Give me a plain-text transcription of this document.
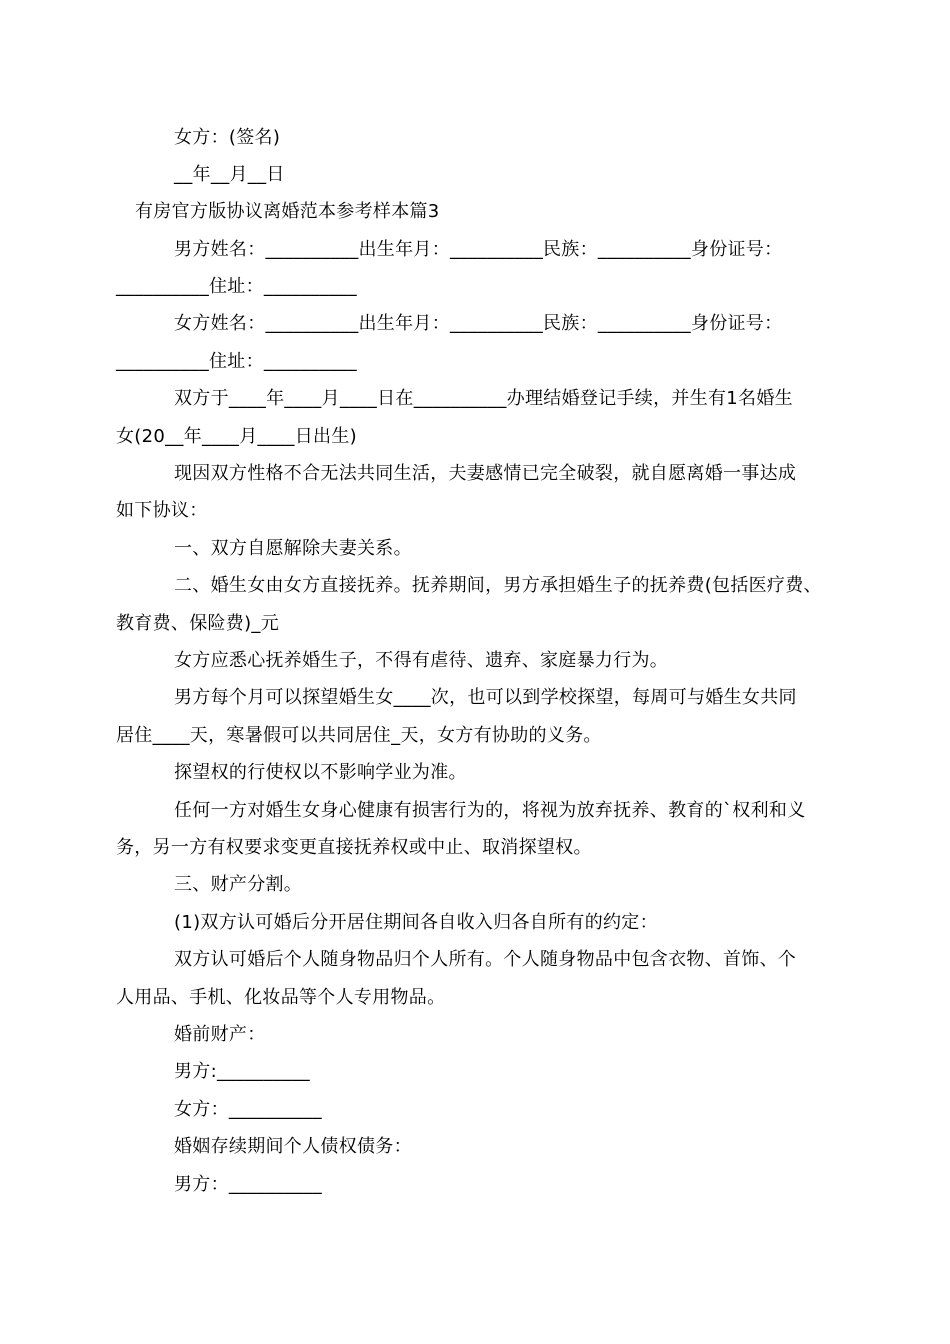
女方：(签名)
__年__月__日
有房官方版协议离婚范本参考样本篇3
男方姓名：__________出生年月：__________民族：__________身份证号：
__________住址：__________
女方姓名：__________出生年月：__________民族：__________身份证号：
__________住址：__________
双方于____年____月____日在__________办理结婚登记手续，并生有1名婚生
女(20__年____月____日出生)
现因双方性格不合无法共同生活，夫妻感情已完全破裂，就自愿离婚一事达成
如下协议：
一、双方自愿解除夫妻关系。
二、婚生女由女方直接抚养。抚养期间，男方承担婚生子的抚养费(包括医疗费、
教育费、保险费)_元
女方应悉心抚养婚生子，不得有虐待、遗弃、家庭暴力行为。
男方每个月可以探望婚生女____次，也可以到学校探望，每周可与婚生女共同
居住____天，寒暑假可以共同居住_天，女方有协助的义务。
探望权的行使权以不影响学业为准。
任何一方对婚生女身心健康有损害行为的，将视为放弃抚养、教育的`权利和义
务，另一方有权要求变更直接抚养权或中止、取消探望权。
三、财产分割。
(1)双方认可婚后分开居住期间各自收入归各自所有的约定：
双方认可婚后个人随身物品归个人所有。个人随身物品中包含衣物、首饰、个
人用品、手机、化妆品等个人专用物品。
婚前财产：
男方:__________
女方：__________
婚姻存续期间个人债权债务：
男方：__________
